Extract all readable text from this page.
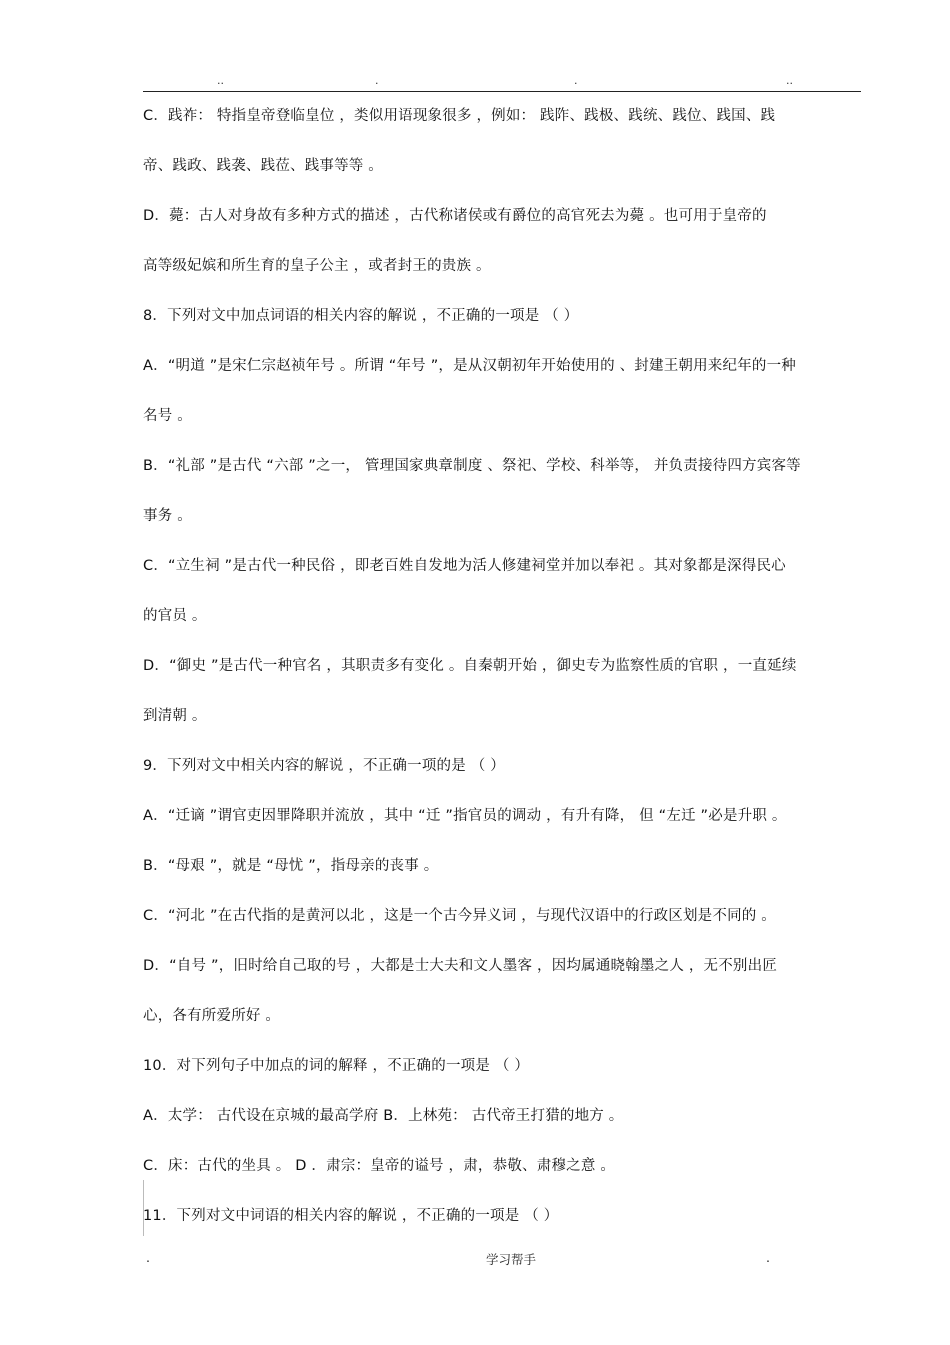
..	.	.	..
C．践祚： 特指皇帝登临皇位 ，类似用语现象很多 ，例如： 践阼、践极、践统、践位、践国、践
帝、践政、践袭、践莅、践事等等 。
D．薨：古人对身故有多种方式的描述 ，古代称诸侯或有爵位的高官死去为薨 。也可用于皇帝的
高等级妃嫔和所生育的皇子公主 ，或者封王的贵族 。
8．下列对文中加点词语的相关内容的解说 ，不正确的一项是 （ ）
A．“明道 ”是宋仁宗赵祯年号 。所谓 “年号 ”，是从汉朝初年开始使用的 、封建王朝用来纪年的一种
名号 。
B．“礼部 ”是古代 “六部 ”之一， 管理国家典章制度 、祭祀、学校、科举等， 并负责接待四方宾客等
事务 。
C．“立生祠 ”是古代一种民俗 ，即老百姓自发地为活人修建祠堂并加以奉祀 。其对象都是深得民心
的官员 。
D．“御史 ”是古代一种官名 ，其职责多有变化 。自秦朝开始 ，御史专为监察性质的官职 ，一直延续
到清朝 。
9．下列对文中相关内容的解说 ，不正确一项的是 （ ）
A．“迁谪 ”谓官吏因罪降职并流放 ，其中 “迁 ”指官员的调动 ，有升有降， 但 “左迁 ”必是升职 。
B．“母艰 ”，就是 “母忧 ”，指母亲的丧事 。
C．“河北 ”在古代指的是黄河以北 ，这是一个古今异义词 ，与现代汉语中的行政区划是不同的 。
D．“自号 ”，旧时给自己取的号 ，大都是士大夫和文人墨客 ，因均属通晓翰墨之人 ，无不别出匠
心，各有所爱所好 。
10．对下列句子中加点的词的解释 ，不正确的一项是 （ ）
A．太学： 古代设在京城的最高学府 B．上林苑： 古代帝王打猎的地方 。
C．床：古代的坐具 。 D ．肃宗：皇帝的谥号 ，肃，恭敬、肃穆之意 。
11．下列对文中词语的相关内容的解说 ，不正确的一项是 （ ）
.	学习帮手	.
